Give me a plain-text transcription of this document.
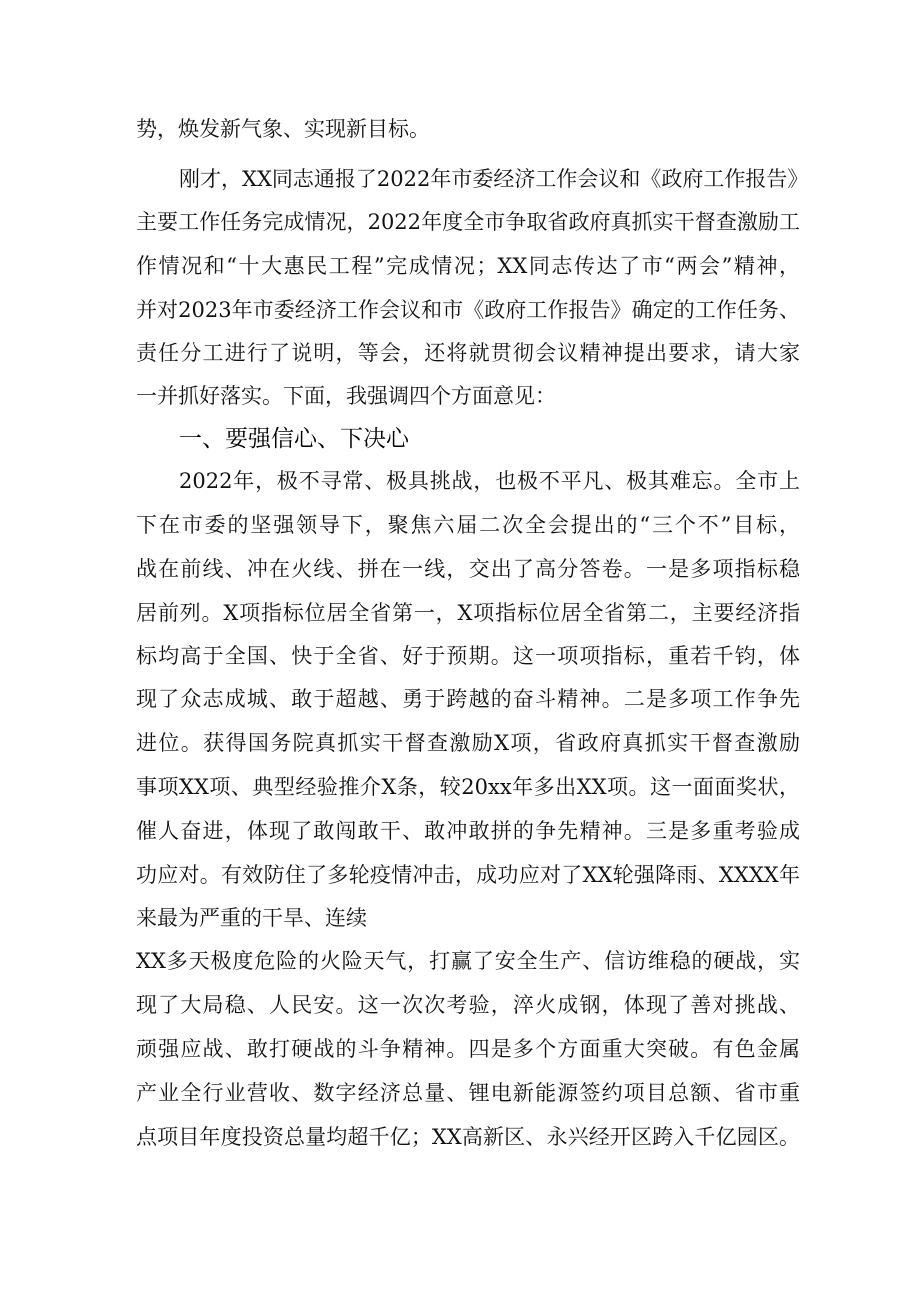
势，焕发新气象、实现新目标。
刚才，XX同志通报了2022年市委经济工作会议和《政府工作报告》
主要工作任务完成情况，2022年度全市争取省政府真抓实干督查激励工
作情况和“十大惠民工程”完成情况；XX同志传达了市“两会”精神，
并对2023年市委经济工作会议和市《政府工作报告》确定的工作任务、
责任分工进行了说明，等会，还将就贯彻会议精神提出要求，请大家
一并抓好落实。下面，我强调四个方面意见：
一、要强信心、下决心
2022年，极不寻常、极具挑战，也极不平凡、极其难忘。全市上
下在市委的坚强领导下，聚焦六届二次全会提出的“三个不”目标，
战在前线、冲在火线、拼在一线，交出了高分答卷。一是多项指标稳
居前列。X项指标位居全省第一，X项指标位居全省第二，主要经济指
标均高于全国、快于全省、好于预期。这一项项指标，重若千钧，体
现了众志成城、敢于超越、勇于跨越的奋斗精神。二是多项工作争先
进位。获得国务院真抓实干督查激励X项，省政府真抓实干督查激励
事项XX项、典型经验推介X条，较20xx年多出XX项。这一面面奖状，
催人奋进，体现了敢闯敢干、敢冲敢拼的争先精神。三是多重考验成
功应对。有效防住了多轮疫情冲击，成功应对了XX轮强降雨、XXXX年
来最为严重的干旱、连续
XX多天极度危险的火险天气，打赢了安全生产、信访维稳的硬战，实
现了大局稳、人民安。这一次次考验，淬火成钢，体现了善对挑战、
顽强应战、敢打硬战的斗争精神。四是多个方面重大突破。有色金属
产业全行业营收、数字经济总量、锂电新能源签约项目总额、省市重
点项目年度投资总量均超千亿；XX高新区、永兴经开区跨入千亿园区。
